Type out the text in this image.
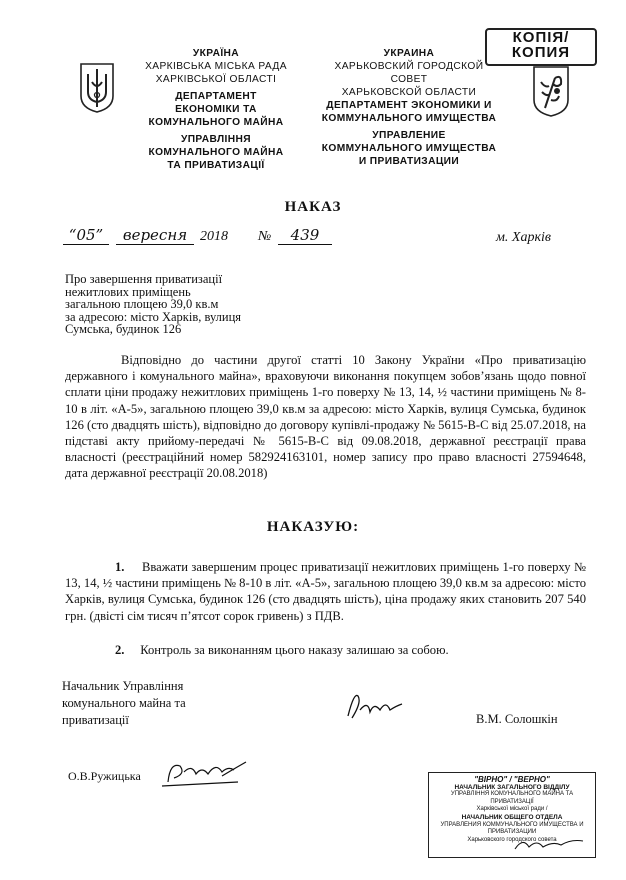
КОПІЯ/
КОПИЯ
УКРАЇНА
ХАРКІВСЬКА МІСЬКА РАДА
ХАРКІВСЬКОЇ ОБЛАСТІ
ДЕПАРТАМЕНТ
ЕКОНОМІКИ ТА
КОМУНАЛЬНОГО МАЙНА
УПРАВЛІННЯ
КОМУНАЛЬНОГО МАЙНА
ТА ПРИВАТИЗАЦІЇ
УКРАИНА
ХАРЬКОВСКИЙ ГОРОДСКОЙ
СОВЕТ
ХАРЬКОВСКОЙ ОБЛАСТИ
ДЕПАРТАМЕНТ ЭКОНОМИКИ И
КОММУНАЛЬНОГО ИМУЩЕСТВА
УПРАВЛЕНИЕ
КОММУНАЛЬНОГО ИМУЩЕСТВА
И ПРИВАТИЗАЦИИ
НАКАЗ
“05”	вересня 2018 №	439	м. Харків
Про завершення приватизації
нежитлових приміщень
загальною площею 39,0 кв.м
за адресою: місто Харків, вулиця
Сумська, будинок 126
Відповідно до частини другої статті 10 Закону України «Про приватизацію державного і комунального майна», враховуючи виконання покупцем зобов’язань щодо повної сплати ціни продажу нежитлових приміщень 1-го поверху № 13, 14, ½ частини приміщень № 8-10 в літ. «А-5», загальною площею 39,0 кв.м за адресою: місто Харків, вулиця Сумська, будинок 126 (сто двадцять шість), відповідно до договору купівлі-продажу № 5615-В-С від 25.07.2018, на підставі акту прийому-передачі № 5615-В-С від 09.08.2018, державної реєстрації права власності (реєстраційний номер 582924163101, номер запису про право власності 27594648, дата державної реєстрації 20.08.2018)
НАКАЗУЮ:
1. Вважати завершеним процес приватизації нежитлових приміщень 1-го поверху № 13, 14, ½ частини приміщень № 8-10 в літ. «А-5», загальною площею 39,0 кв.м за адресою: місто Харків, вулиця Сумська, будинок 126 (сто двадцять шість), ціна продажу яких становить 207 540 грн. (двісті сім тисяч п’ятсот сорок гривень) з ПДВ.
2. Контроль за виконанням цього наказу залишаю за собою.
Начальник Управління
комунального майна та
приватизації	В.М. Солошкін
О.В.Ружицька	"ВІРНО" / "ВЕРНО"
НАЧАЛЬНИК ЗАГАЛЬНОГО ВІДДІЛУ
УПРАВЛІННЯ КОМУНАЛЬНОГО МАЙНА ТА ПРИВАТИЗАЦІЇ
Харківської міської ради /
НАЧАЛЬНИК ОБЩЕГО ОТДЕЛА
УПРАВЛЕНИЯ КОММУНАЛЬНОГО ИМУЩЕСТВА И ПРИВАТИЗАЦИИ
Харьковского городского совета
